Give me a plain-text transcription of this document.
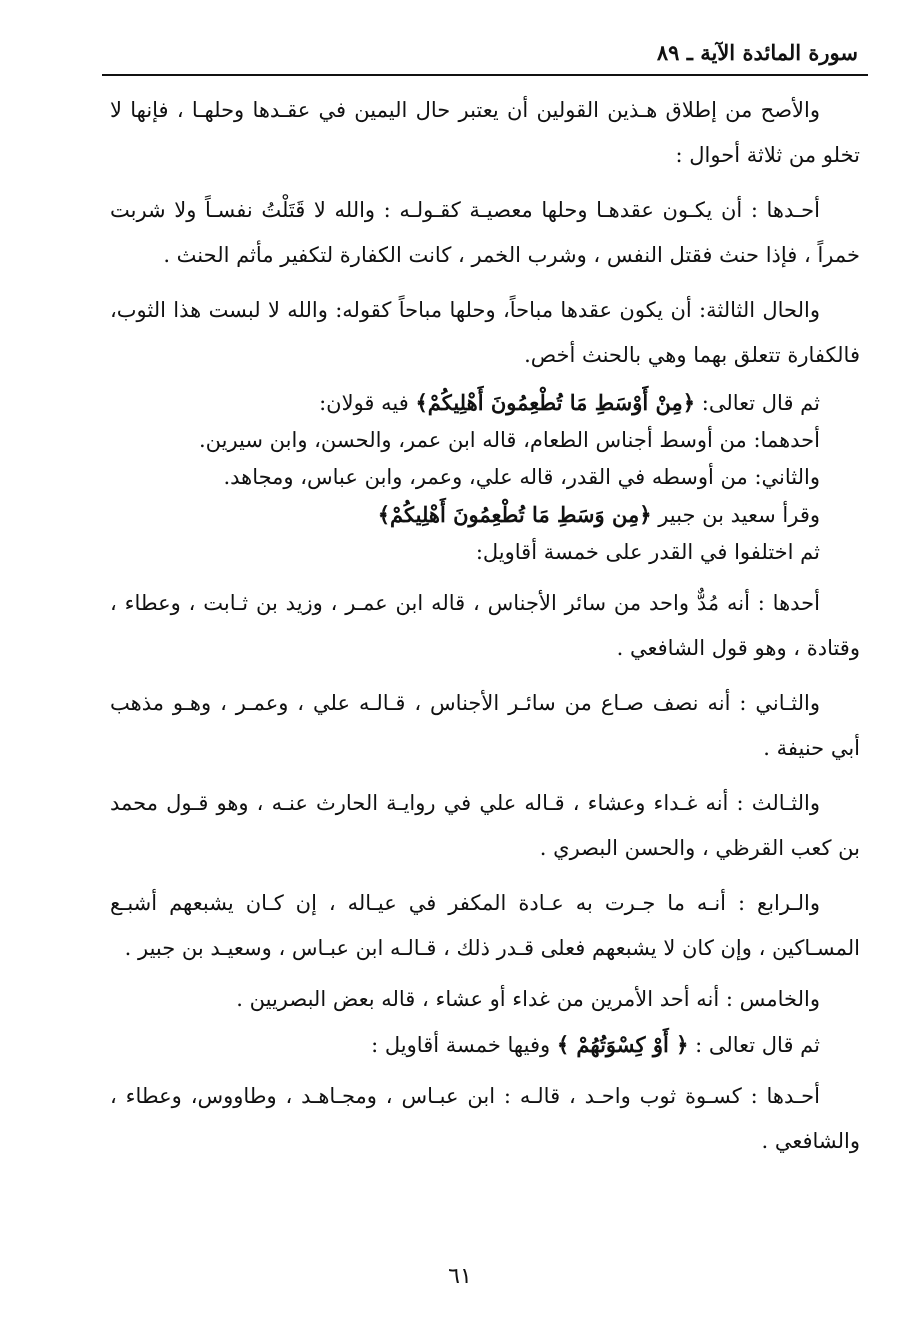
سورة المائدة الآية ـ ٨٩

والأصح من إطلاق هـذين القولين أن يعتبر حال اليمين في عقـدها وحلهـا ، فإنها لا تخلو من ثلاثة أحوال :

أحـدها : أن يكـون عقدهـا وحلها معصيـة كقـولـه : والله لا قَتَلْتُ نفسـاً ولا شربت خمراً ، فإذا حنث فقتل النفس ، وشرب الخمر ، كانت الكفارة لتكفير مأثم الحنث .

والحال الثالثة: أن يكون عقدها مباحاً، وحلها مباحاً كقوله: والله لا لبست هذا الثوب، فالكفارة تتعلق بهما وهي بالحنث أخص.

ثم قال تعالى: ﴿مِنْ أَوْسَطِ مَا تُطْعِمُونَ أَهْلِيكُمْ﴾ فيه قولان:

أحدهما: من أوسط أجناس الطعام، قاله ابن عمر، والحسن، وابن سيرين.

والثاني: من أوسطه في القدر، قاله علي، وعمر، وابن عباس، ومجاهد.

وقرأ سعيد بن جبير ﴿مِن وَسَطِ مَا تُطْعِمُونَ أَهْلِيكُمْ﴾

ثم اختلفوا في القدر على خمسة أقاويل:

أحدها : أنه مُدٌّ واحد من سائر الأجناس ، قاله ابن عمـر ، وزيد بن ثـابت ، وعطاء ، وقتادة ، وهو قول الشافعي .

والثـاني : أنه نصف صـاع من سائـر الأجناس ، قـالـه علي ، وعمـر ، وهـو مذهب أبي حنيفة .

والثـالث : أنه غـداء وعشاء ، قـاله علي في روايـة الحارث عنـه ، وهو قـول محمد بن كعب القرظي ، والحسن البصري .

والـرابع : أنـه ما جـرت به عـادة المكفر في عيـاله ، إن كـان يشبعهم أشبـع المسـاكين ، وإن كان لا يشبعهم فعلى قـدر ذلك ، قـالـه ابن عبـاس ، وسعيـد بن جبير .

والخامس : أنه أحد الأمرين من غداء أو عشاء ، قاله بعض البصريين .

ثم قال تعالى : ﴿ أَوْ كِسْوَتُهُمْ ﴾ وفيها خمسة أقاويل :

أحـدها : كسـوة ثوب واحـد ، قالـه : ابن عبـاس ، ومجـاهـد ، وطاووس، وعطاء ، والشافعي .

٦١
